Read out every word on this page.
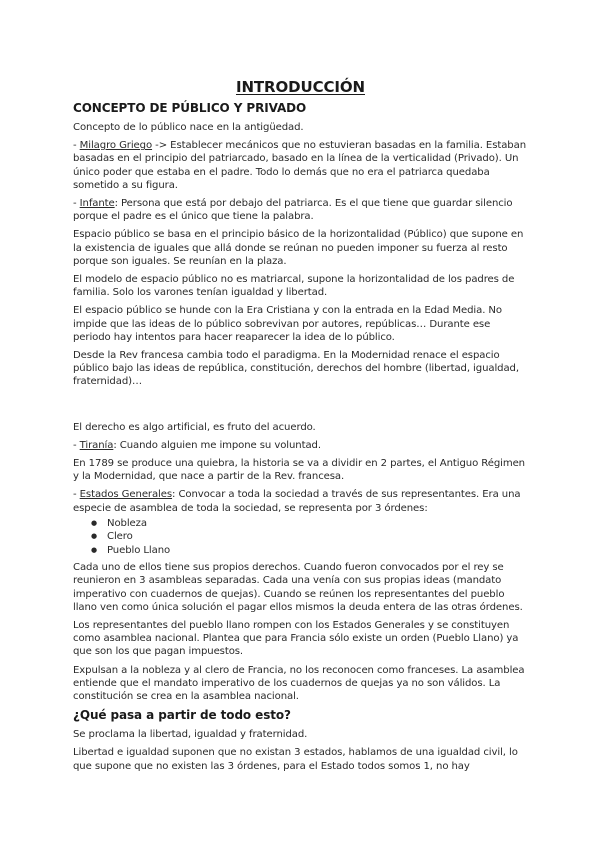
INTRODUCCIÓN
CONCEPTO DE PÚBLICO Y PRIVADO

Concepto de lo público nace en la antigüedad.

- Milagro Griego -> Establecer mecánicos que no estuvieran basadas en la familia. Estaban basadas en el principio del patriarcado, basado en la línea de la verticalidad (Privado). Un único poder que estaba en el padre. Todo lo demás que no era el patriarca quedaba sometido a su figura.

- Infante: Persona que está por debajo del patriarca. Es el que tiene que guardar silencio porque el padre es el único que tiene la palabra.

Espacio público se basa en el principio básico de la horizontalidad (Público) que supone en la existencia de iguales que allá donde se reúnan no pueden imponer su fuerza al resto porque son iguales. Se reunían en la plaza.

El modelo de espacio público no es matriarcal, supone la horizontalidad de los padres de familia. Solo los varones tenían igualdad y libertad.

El espacio público se hunde con la Era Cristiana y con la entrada en la Edad Media. No impide que las ideas de lo público sobrevivan por autores, repúblicas… Durante ese periodo hay intentos para hacer reaparecer la idea de lo público.

Desde la Rev francesa cambia todo el paradigma. En la Modernidad renace el espacio público bajo las ideas de república, constitución, derechos del hombre (libertad, igualdad, fraternidad)…

El derecho es algo artificial, es fruto del acuerdo.

- Tiranía: Cuando alguien me impone su voluntad.

En 1789 se produce una quiebra, la historia se va a dividir en 2 partes, el Antiguo Régimen y la Modernidad, que nace a partir de la Rev. francesa.

- Estados Generales: Convocar a toda la sociedad a través de sus representantes. Era una especie de asamblea de toda la sociedad, se representa por 3 órdenes:

● Nobleza
● Clero
● Pueblo Llano

Cada uno de ellos tiene sus propios derechos. Cuando fueron convocados por el rey se reunieron en 3 asambleas separadas. Cada una venía con sus propias ideas (mandato imperativo con cuadernos de quejas). Cuando se reúnen los representantes del pueblo llano ven como única solución el pagar ellos mismos la deuda entera de las otras órdenes.

Los representantes del pueblo llano rompen con los Estados Generales y se constituyen como asamblea nacional. Plantea que para Francia sólo existe un orden (Pueblo Llano) ya que son los que pagan impuestos.

Expulsan a la nobleza y al clero de Francia, no los reconocen como franceses. La asamblea entiende que el mandato imperativo de los cuadernos de quejas ya no son válidos. La constitución se crea en la asamblea nacional.

¿Qué pasa a partir de todo esto?

Se proclama la libertad, igualdad y fraternidad.

Libertad e igualdad suponen que no existan 3 estados, hablamos de una igualdad civil, lo que supone que no existen las 3 órdenes, para el Estado todos somos 1, no hay
